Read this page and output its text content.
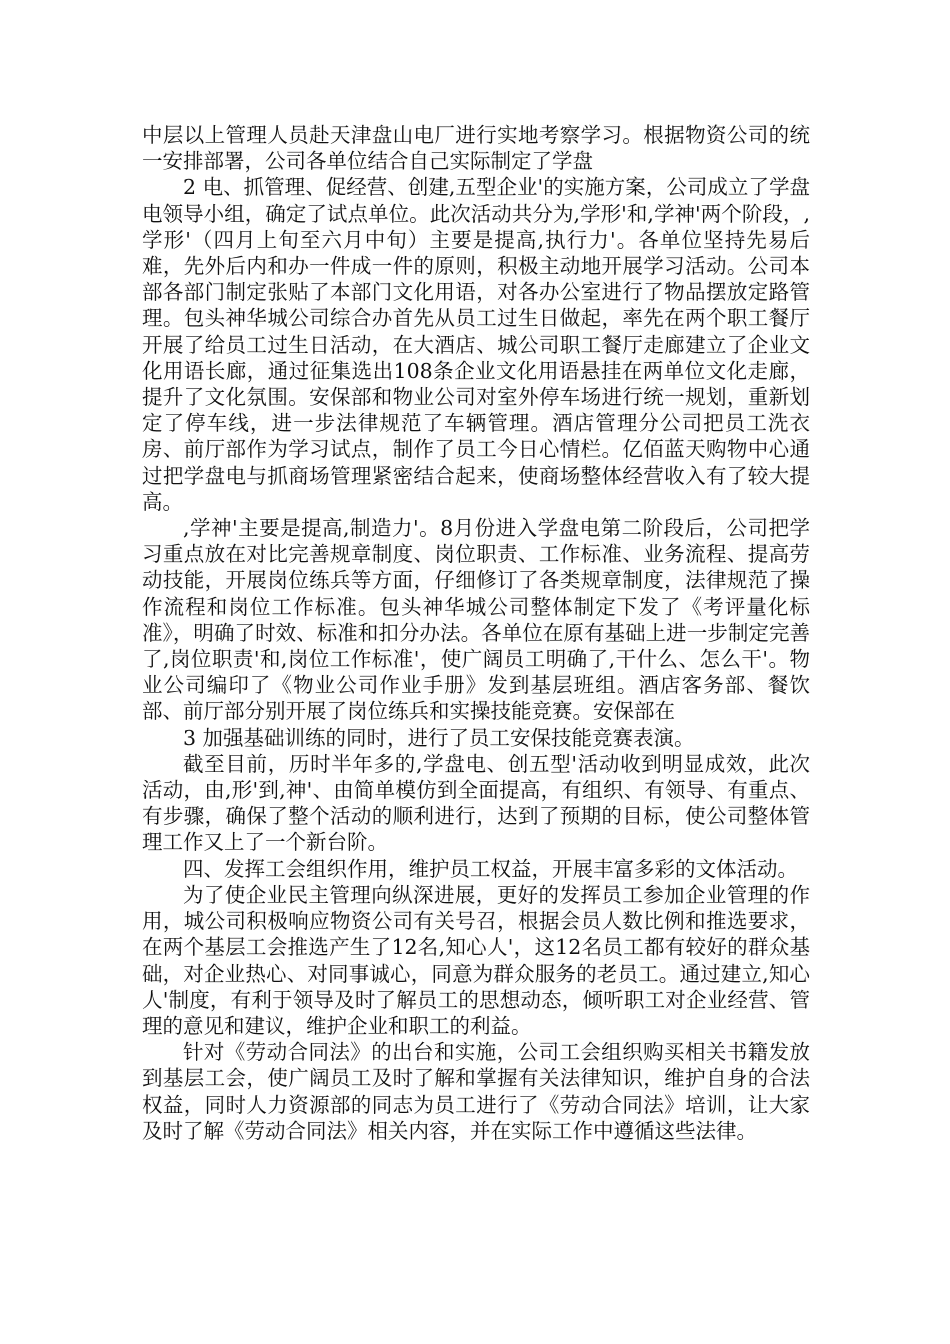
中层以上管理人员赴天津盘山电厂进行实地考察学习。根据物资公司的统一安排部署，公司各单位结合自己实际制定了学盘

2 电、抓管理、促经营、创建,五型企业'的实施方案，公司成立了学盘电领导小组，确定了试点单位。此次活动共分为,学形'和,学神'两个阶段，,学形'（四月上旬至六月中旬）主要是提高,执行力'。各单位坚持先易后难，先外后内和办一件成一件的原则，积极主动地开展学习活动。公司本部各部门制定张贴了本部门文化用语，对各办公室进行了物品摆放定路管理。包头神华城公司综合办首先从员工过生日做起，率先在两个职工餐厅开展了给员工过生日活动，在大酒店、城公司职工餐厅走廊建立了企业文化用语长廊，通过征集选出108条企业文化用语悬挂在两单位文化走廊，提升了文化氛围。安保部和物业公司对室外停车场进行统一规划，重新划定了停车线，进一步法律规范了车辆管理。酒店管理分公司把员工洗衣房、前厅部作为学习试点，制作了员工今日心情栏。亿佰蓝天购物中心通过把学盘电与抓商场管理紧密结合起来，使商场整体经营收入有了较大提高。

,学神'主要是提高,制造力'。8月份进入学盘电第二阶段后，公司把学习重点放在对比完善规章制度、岗位职责、工作标准、业务流程、提高劳动技能，开展岗位练兵等方面，仔细修订了各类规章制度，法律规范了操作流程和岗位工作标准。包头神华城公司整体制定下发了《考评量化标准》，明确了时效、标准和扣分办法。各单位在原有基础上进一步制定完善了,岗位职责'和,岗位工作标准'，使广阔员工明确了,干什么、怎么干'。物业公司编印了《物业公司作业手册》发到基层班组。酒店客务部、餐饮部、前厅部分别开展了岗位练兵和实操技能竞赛。安保部在

3 加强基础训练的同时，进行了员工安保技能竞赛表演。

截至目前，历时半年多的,学盘电、创五型'活动收到明显成效，此次活动，由,形'到,神'、由简单模仿到全面提高，有组织、有领导、有重点、有步骤，确保了整个活动的顺利进行，达到了预期的目标，使公司整体管理工作又上了一个新台阶。

四、发挥工会组织作用，维护员工权益，开展丰富多彩的文体活动。

为了使企业民主管理向纵深进展，更好的发挥员工参加企业管理的作用，城公司积极响应物资公司有关号召，根据会员人数比例和推选要求，在两个基层工会推选产生了12名,知心人'，这12名员工都有较好的群众基础，对企业热心、对同事诚心，同意为群众服务的老员工。通过建立,知心人'制度，有利于领导及时了解员工的思想动态，倾听职工对企业经营、管理的意见和建议，维护企业和职工的利益。

针对《劳动合同法》的出台和实施，公司工会组织购买相关书籍发放到基层工会，使广阔员工及时了解和掌握有关法律知识，维护自身的合法权益，同时人力资源部的同志为员工进行了《劳动合同法》培训，让大家及时了解《劳动合同法》相关内容，并在实际工作中遵循这些法律。
